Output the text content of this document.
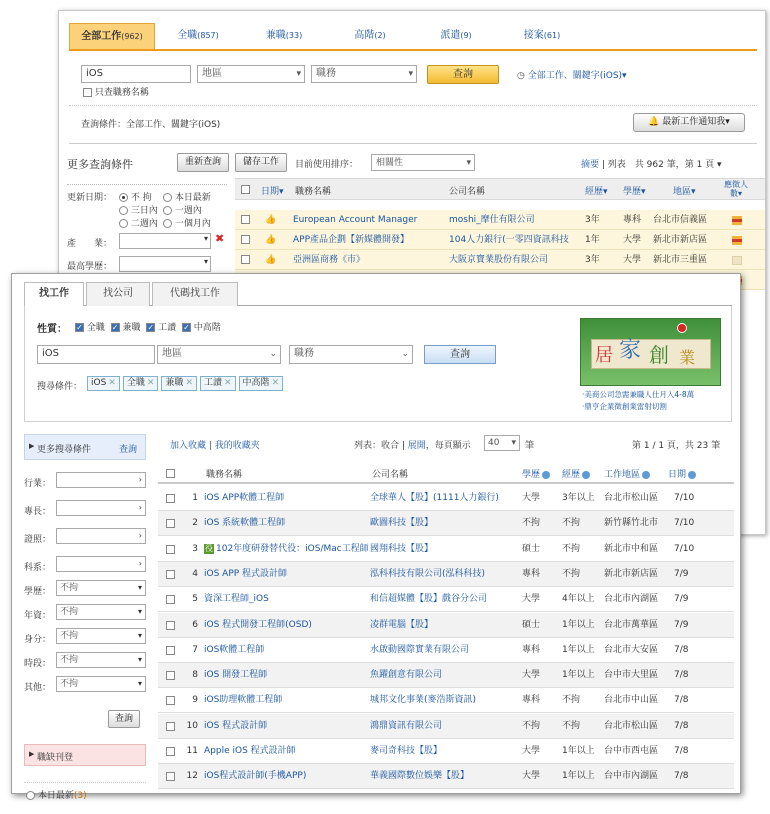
全部工作(962)	全職(857)	兼職(33)	高階(2)	派遣(9)	接案(61)
iOS	地區	▾	職務	▾	查詢	◷ 全部工作、關鍵字(iOS)▾
只查職務名稱
查詢條件：全部工作、關鍵字(iOS)	🔔 最新工作通知我▾
更多查詢條件	重新查詢
更新日期：	不 拘	本日最新
三日內	一週內
二週內	一個月內
產　　業：
▾ ✖
最高學歷：
▾
儲存工作	目前使用排序：	相關性	▾	摘要 | 列表　 共 962 筆，第 1 頁 ▾
日期▾ 職務名稱	公司名稱	經歷▾ 學歷▾	地區▾
應徵人數▾
👍 European Account Manager	moshi_摩仕有限公司	3年	專科 台北市信義區
👍 APP產品企劃【新媒體開發】	104人力銀行(一零四資訊科技	1年	大學 新北市新店區
👍 亞洲區商務《市》	大阪京寶業股份有限公司	3年	大學 新北市三重區
找工作	找公司	代碼找工作
性質： ✓ 全職 ✓ 兼職 ✓ 工讀 ✓ 中高階
iOS	地區	⌄	職務	⌄	查詢
搜尋條件： iOS ✕ 全職 ✕ 兼職 ✕ 工讀 ✕ 中高階 ✕
居 家 創 業
‧美商公司急需兼職人仕月入4-8萬
‧鼎亨企業徵創業雷射切割
▶ 更多搜尋條件	查詢
行業：	›
專長：	›
證照：	›
科系：	›
學歷： 不拘	▾
年資： 不拘	▾
身分： 不拘	▾
時段： 不拘	▾
其他： 不拘	▾
查詢
▶ 職缺刊登
本日最新(3)
加入收藏 | 我的收藏夾	列表：收合 | 展開，每頁顯示	40 ▾ 筆	第 1 / 1 頁，共 23 筆
職務名稱	公司名稱	學歷	經歷	工作地區	日期
1 iOS APP軟體工程師	全球華人【股】(1111人力銀行)	大學 3年以上 台北市松山區 7/10
2 iOS 系統軟體工程師	歐圖科技【股】	不拘 不拘	新竹縣竹北市 7/10
3 役 102年度研發替代役：iOS/Mac工程師 國翔科技【股】	碩士 不拘	新北市中和區 7/10
4 iOS APP 程式設計師	泓科科技有限公司(泓科科技)	專科 不拘	新北市新店區 7/9
5 資深工程師_iOS	和信超媒體【股】戲谷分公司	大學 4年以上 台北市內湖區 7/9
6 iOS 程式開發工程師(OSD)	凌群電腦【股】	碩士 1年以上 台北市萬華區 7/9
7 iOS軟體工程師	水啟動國際實業有限公司	專科 1年以上 台北市大安區 7/8
8 iOS 開發工程師	魚躍創意有限公司	大學 1年以上 台中市大里區 7/8
9 iOS助理軟體工程師	城邦文化事業(麥浩斯資訊)	專科 不拘	台北市中山區 7/8
10 iOS 程式設計師	鴻鼎資訊有限公司	不拘 不拘	台北市松山區 7/8
11 Apple iOS 程式設計師	麥司奇科技【股】	大學 1年以上 台中市西屯區 7/8
12 iOS程式設計師(手機APP)	華義國際數位娛樂【股】	大學 1年以上 台中市內湖區 7/8
